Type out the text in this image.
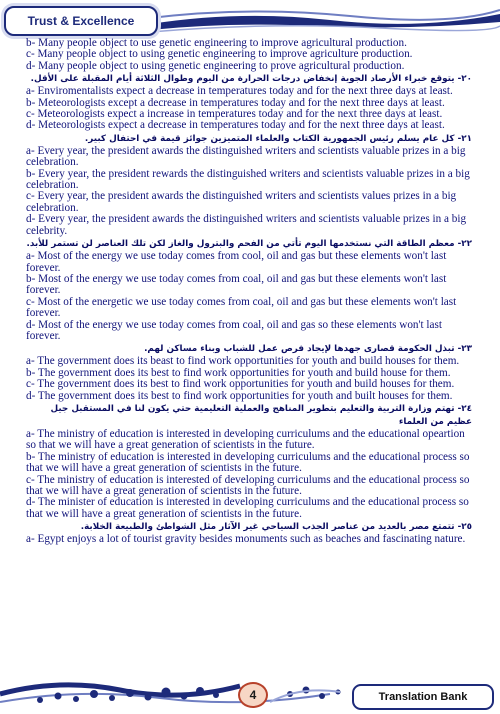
Trust & Excellence
b- Many people object to use genetic engineering to improve agricultural production.
c- Many people object to using genetic engineering to improve agriculture production.
d- Many people object to using genetic engineering to prove agricultural production.
٢٠- يتوقع خبراء الأرصاد الجوية إنخفاض درجات الحرارة من اليوم وطوال الثلاثة أيام المقبلة على الأقل.
a- Enviromentalists expect a decrease in temperatures today and for the next three days at least.
b- Meteorologists except a decrease in temperatures today and for the next three days at least.
c- Meteorologists expect a increase in temperatures today and for the next three days at least.
d- Meteorologists expect a decrease in temperatures today and for the next three days at least.
٢١- كل عام يسلم رئيس الجمهورية الكتاب والعلماء المتميزين جوائز قيمة في احتفال كبير.
a- Every year, the president awards the distinguished writers and scientists valuable prizes in a big celebration.
b- Every year, the president rewards the distinguished writers and scientists valuable prizes in a big celebration.
c- Every year, the president awards the distinguished writers and scientists values prizes in a big celebration.
d- Every year, the president awards the distinguished writers and scientists valuable prizes in a big celebrity.
٢٢- معظم الطاقة التي نستخدمها اليوم تأتي من الفحم والبترول والغاز لكن تلك العناصر لن تستمر للأبد.
a- Most of the energy we use today comes from cool, oil and gas but these elements won't last forever.
b- Most of the energy we use today comes from coal, oil and gas but these elements won't last forever.
c- Most of the energetic we use today comes from coal, oil and gas but these elements won't last forever.
d- Most of the energy we use today comes from coal, oil and gas so these elements won't last forever.
٢٣- تبذل الحكومة قصارى جهدها لإيجاد فرص عمل للشباب وبناء مساكن لهم.
a- The government does its beast to find work opportunities for youth and build houses for them.
b- The government does its best to find work opportunities for youth and build house for them.
c- The government does its best to find work opportunities for youth and build houses for them.
d- The government does its best to find work opportunities for youth and built houses for them.
٢٤- تهتم وزارة التربية والتعليم بتطوير المناهج والعملية التعليمية حتي يكون لنا في المستقبل جيل عظيم من العلماء
a- The ministry of education is interested in developing curriculums and the educational opeartion so that we will have a great generation of scientists in the future.
b- The ministry of education is interested in developing curriculums and the educational process so that we will have a great generation of scientists in the future.
c- The ministry of education is interested of developing curriculums and the educational process so that we will have a great generation of scientists in the future.
d- The minister of education is interested in developing curriculums and the educational process so that we will have a great generation of scientists in the future.
٢٥- تتمتع مصر بالعديد من عناصر الجذب السياحي غير الآثار مثل الشواطئ والطبيعة الخلابة.
a- Egypt enjoys a lot of tourist gravity besides monuments such as beaches and fascinating nature.
4	Translation Bank
